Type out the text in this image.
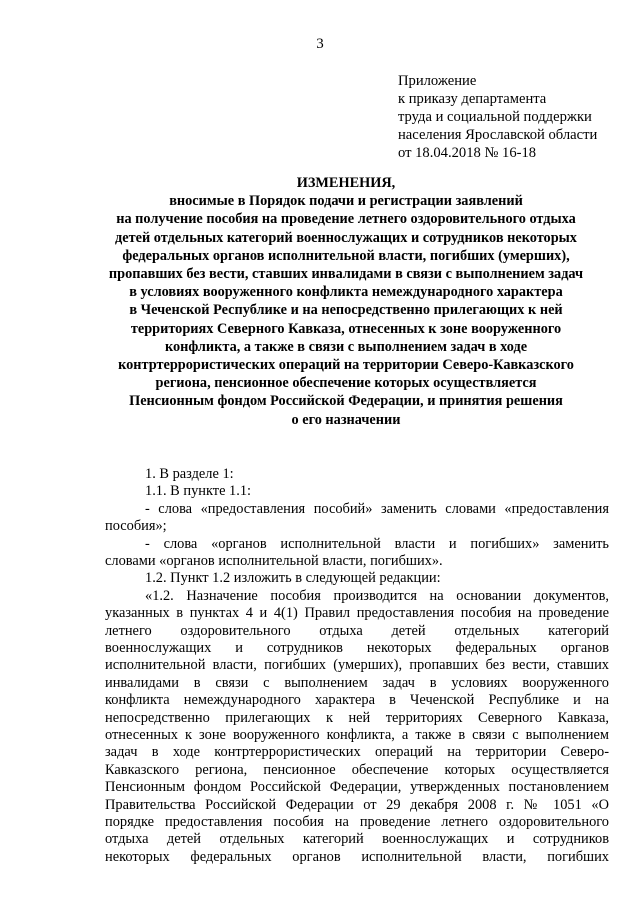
3
Приложение
к приказу департамента
труда и социальной поддержки
населения Ярославской области
от 18.04.2018 № 16-18
ИЗМЕНЕНИЯ,
вносимые в Порядок подачи и регистрации заявлений
на получение пособия на проведение летнего оздоровительного отдыха
детей отдельных категорий военнослужащих и сотрудников некоторых
федеральных органов исполнительной власти, погибших (умерших),
пропавших без вести, ставших инвалидами в связи с выполнением задач
в условиях вооруженного конфликта немеждународного характера
в Чеченской Республике и на непосредственно прилегающих к ней
территориях Северного Кавказа, отнесенных к зоне вооруженного
конфликта, а также в связи с выполнением задач в ходе
контртеррористических операций на территории Северо-Кавказского
региона, пенсионное обеспечение которых осуществляется
Пенсионным фондом Российской Федерации, и принятия решения
о его назначении
1. В разделе 1:
1.1. В пункте 1.1:
- слова «предоставления пособий» заменить словами «предоставления
пособия»;
- слова «органов исполнительной власти и погибших» заменить
словами «органов исполнительной власти, погибших».
1.2. Пункт 1.2 изложить в следующей редакции:
«1.2. Назначение пособия производится на основании документов,
указанных в пунктах 4 и 4(1) Правил предоставления пособия на проведение
летнего оздоровительного отдыха детей отдельных категорий
военнослужащих и сотрудников некоторых федеральных органов
исполнительной власти, погибших (умерших), пропавших без вести, ставших
инвалидами в связи с выполнением задач в условиях вооруженного
конфликта немеждународного характера в Чеченской Республике и на
непосредственно прилегающих к ней территориях Северного Кавказа,
отнесенных к зоне вооруженного конфликта, а также в связи с выполнением
задач в ходе контртеррористических операций на территории Северо-
Кавказского региона, пенсионное обеспечение которых осуществляется
Пенсионным фондом Российской Федерации, утвержденных постановлением
Правительства Российской Федерации от 29 декабря 2008 г. № 1051 «О
порядке предоставления пособия на проведение летнего оздоровительного
отдыха детей отдельных категорий военнослужащих и сотрудников
некоторых федеральных органов исполнительной власти, погибших
